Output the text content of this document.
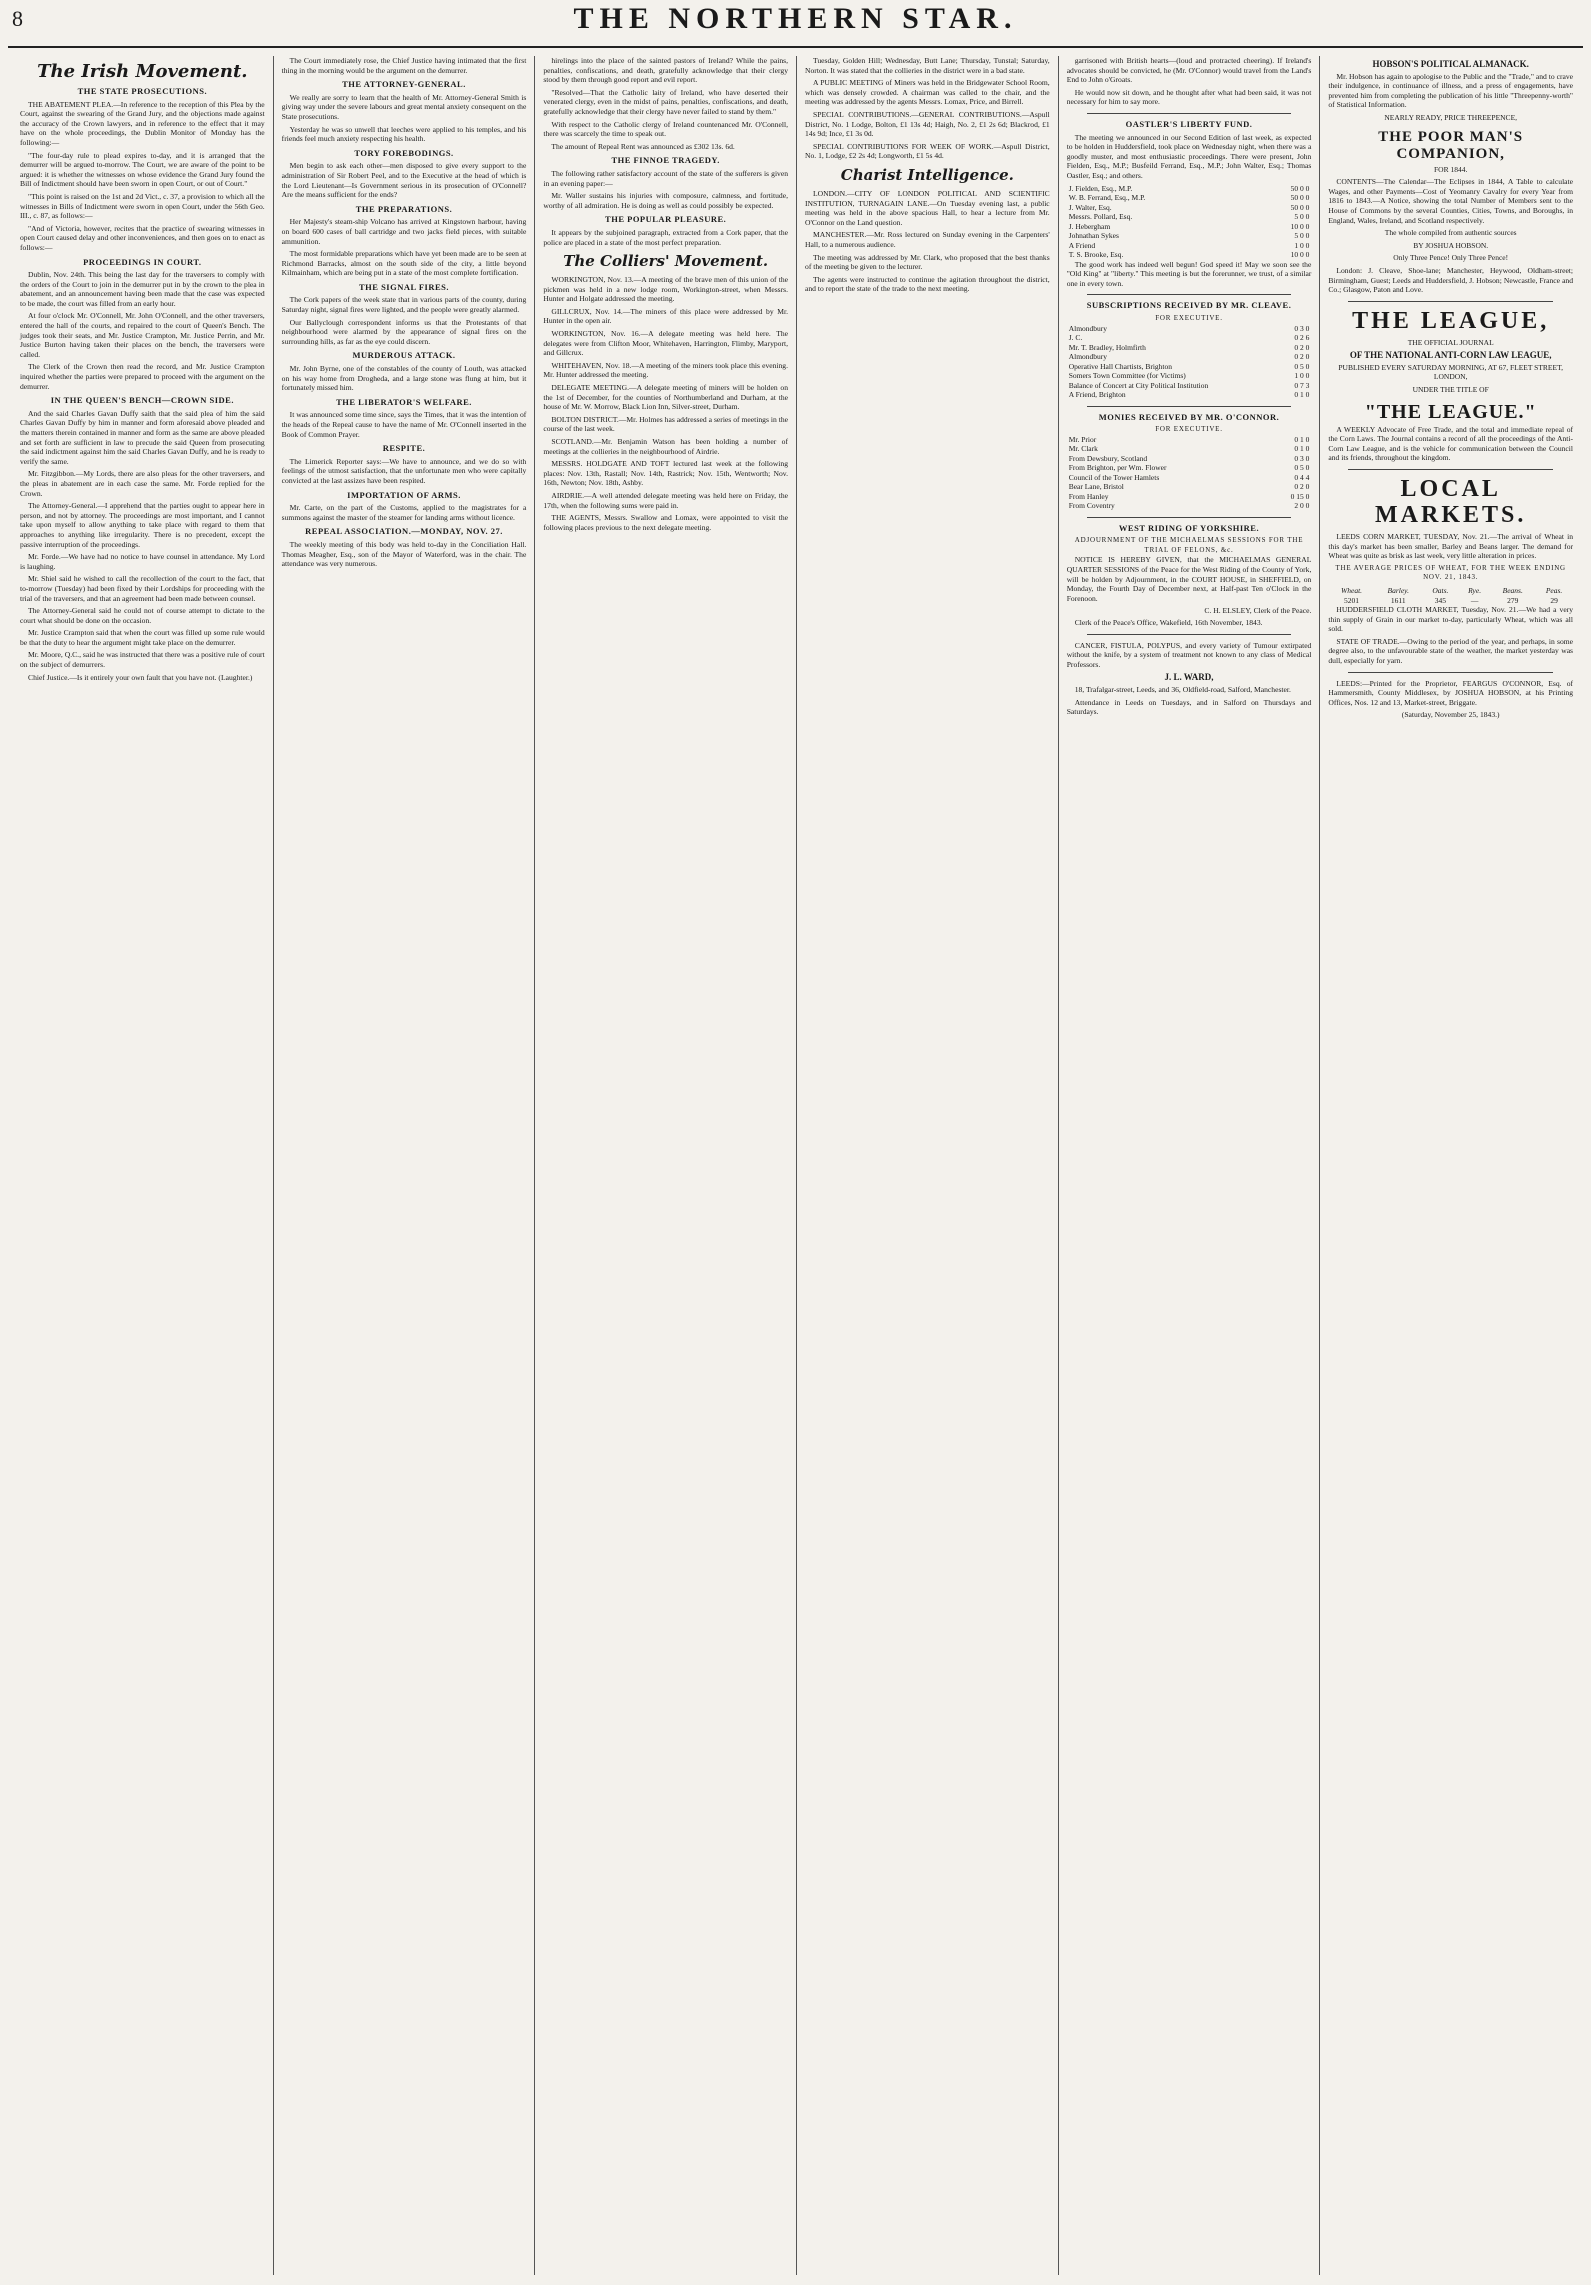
8	THE NORTHERN STAR.
The Irish Movement.
THE STATE PROSECUTIONS.

THE ABATEMENT PLEA.—In reference to the reception of this Plea by the Court, against the swearing of the Grand Jury, and the objections made against the accuracy of the Crown lawyers, and in reference to the effect that it may have on the whole proceedings, the Dublin Monitor of Monday has the following:—

"The four-day rule to plead expires to-day, and it is arranged that the demurrer will be argued to-morrow. The Court, we are aware of the point to be argued: it is whether the witnesses on whose evidence the Grand Jury found the Bill of Indictment should have been sworn in open Court, or out of Court."

"This point is raised on the 1st and 2d Vict., c. 37, a provision to which all the witnesses in Bills of Indictment were sworn in open Court, under the 56th Geo. III., c. 87, as follows:—

"And of Victoria, however, recites that the practice of swearing witnesses in open Court caused delay and other inconveniences, and then goes on to enact as follows:—

PROCEEDINGS IN COURT.

Dublin, Nov. 24th. This being the last day for the traversers to comply with the orders of the Court to join in the demurrer put in by the crown to the plea in abatement, and an announcement having been made that the case was expected to be made, the court was filled from an early hour.

At four o'clock Mr. O'Connell, Mr. John O'Connell, and the other traversers, entered the hall of the courts, and repaired to the court of Queen's Bench. The judges took their seats, and Mr. Justice Crampton, Mr. Justice Perrin, and Mr. Justice Burton having taken their places on the bench, the traversers were called.

The Clerk of the Crown then read the record, and Mr. Justice Crampton inquired whether the parties were prepared to proceed with the argument on the demurrer.

IN THE QUEEN'S BENCH—CROWN SIDE.

And the said Charles Gavan Duffy saith that the said plea of him the said Charles Gavan Duffy by him in manner and form aforesaid above pleaded and the matters therein contained in manner and form as the same are above pleaded and set forth are sufficient in law to precude the said Queen from prosecuting the said indictment against him the said Charles Gavan Duffy, and he is ready to verify the same.

Mr. Fitzgibbon.—My Lords, there are also pleas for the other traversers, and the pleas in abatement are in each case the same. Mr. Forde replied for the Crown.

The Attorney-General.—I apprehend that the parties ought to appear here in person, and not by attorney. The proceedings are most important, and I cannot take upon myself to allow anything to take place with regard to them that approaches to anything like irregularity. There is no precedent, except the passive interruption of the proceedings.

Mr. Forde.—We have had no notice to have counsel in attendance. My Lord is laughing.

Mr. Shiel said he wished to call the recollection of the court to the fact, that to-morrow (Tuesday) had been fixed by their Lordships for proceeding with the trial of the traversers, and that an agreement had been made between counsel.

The Attorney-General said he could not of course attempt to dictate to the court what should be done on the occasion.

Mr. Justice Crampton said that when the court was filled up some rule would be that the duty to hear the argument might take place on the demurrer.

Mr. Moore, Q.C., said he was instructed that there was a positive rule of court on the subject of demurrers.

Chief Justice.—Is it entirely your own fault that you have not. (Laughter.)

The Court immediately rose, the Chief Justice having intimated that the first thing in the morning would be the argument on the demurrer.

THE ATTORNEY-GENERAL.

We really are sorry to learn that the health of Mr. Attorney-General Smith is giving way under the severe labours and great mental anxiety consequent on the State prosecutions.

Yesterday he was so unwell that leeches were applied to his temples, and his friends feel much anxiety respecting his health.

TORY FOREBODINGS.

Men begin to ask each other—men disposed to give every support to the administration of Sir Robert Peel, and to the Executive at the head of which is the Lord Lieutenant—Is Government serious in its prosecution of O'Connell? Are the means sufficient for the ends?

THE PREPARATIONS.

Her Majesty's steam-ship Volcano has arrived at Kingstown harbour, having on board 600 cases of ball cartridge and two jacks field pieces, with suitable ammunition.

The most formidable preparations which have yet been made are to be seen at Richmond Barracks, almost on the south side of the city, a little beyond Kilmainham, which are being put in a state of the most complete fortification.

THE SIGNAL FIRES.

The Cork papers of the week state that in various parts of the county, during Saturday night, signal fires were lighted, and the people were greatly alarmed.

Our Ballyclough correspondent informs us that the Protestants of that neighbourhood were alarmed by the appearance of signal fires on the surrounding hills, as far as the eye could discern.

MURDEROUS ATTACK.

Mr. John Byrne, one of the constables of the county of Louth, was attacked on his way home from Drogheda, and a large stone was flung at him, but it fortunately missed him.

THE LIBERATOR'S WELFARE.

It was announced some time since, says the Times, that it was the intention of the heads of the Repeal cause to have the name of Mr. O'Connell inserted in the Book of Common Prayer.

RESPITE.

The Limerick Reporter says:—We have to announce, and we do so with feelings of the utmost satisfaction, that the unfortunate men who were capitally convicted at the last assizes have been respited.

IMPORTATION OF ARMS.

Mr. Carte, on the part of the Customs, applied to the magistrates for a summons against the master of the steamer for landing arms without licence.

REPEAL ASSOCIATION.—MONDAY, NOV. 27.

The weekly meeting of this body was held to-day in the Conciliation Hall. Thomas Meagher, Esq., son of the Mayor of Waterford, was in the chair. The attendance was very numerous.

hirelings into the place of the sainted pastors of Ireland? While the pains, penalties, confiscations, and death, gratefully acknowledge that their clergy stood by them through good report and evil report.

"Resolved—That the Catholic laity of Ireland, who have deserted their venerated clergy, even in the midst of pains, penalties, confiscations, and death, gratefully acknowledge that their clergy have never failed to stand by them."

With respect to the Catholic clergy of Ireland countenanced Mr. O'Connell, there was scarcely the time to speak out.

The amount of Repeal Rent was announced as £302 13s. 6d.

THE FINNOE TRAGEDY.

The following rather satisfactory account of the state of the sufferers is given in an evening paper:—

Mr. Waller sustains his injuries with composure, calmness, and fortitude, worthy of all admiration. He is doing as well as could possibly be expected.

THE POPULAR PLEASURE.

It appears by the subjoined paragraph, extracted from a Cork paper, that the police are placed in a state of the most perfect preparation.

The Colliers' Movement.

WORKINGTON, Nov. 13.—A meeting of the brave men of this union of the pickmen was held in a new lodge room, Workington-street, when Messrs. Hunter and Holgate addressed the meeting.

GILLCRUX, Nov. 14.—The miners of this place were addressed by Mr. Hunter in the open air.

WORKINGTON, Nov. 16.—A delegate meeting was held here. The delegates were from Clifton Moor, Whitehaven, Harrington, Flimby, Maryport, and Gillcrux.

WHITEHAVEN, Nov. 18.—A meeting of the miners took place this evening. Mr. Hunter addressed the meeting.

DELEGATE MEETING.—A delegate meeting of miners will be holden on the 1st of December, for the counties of Northumberland and Durham, at the house of Mr. W. Morrow, Black Lion Inn, Silver-street, Durham.

BOLTON DISTRICT.—Mr. Holmes has addressed a series of meetings in the course of the last week.

SCOTLAND.—Mr. Benjamin Watson has been holding a number of meetings at the collieries in the neighbourhood of Airdrie.

MESSRS. HOLDGATE AND TOFT lectured last week at the following places: Nov. 13th, Rastall; Nov. 14th, Rastrick; Nov. 15th, Wentworth; Nov. 16th, Newton; Nov. 18th, Ashby.

AIRDRIE.—A well attended delegate meeting was held here on Friday, the 17th, when the following sums were paid in.

THE AGENTS, Messrs. Swallow and Lomax, were appointed to visit the following places previous to the next delegate meeting.

Tuesday, Golden Hill; Wednesday, Butt Lane; Thursday, Tunstal; Saturday, Norton. It was stated that the collieries in the district were in a bad state.

A PUBLIC MEETING of Miners was held in the Bridgewater School Room, which was densely crowded. A chairman was called to the chair, and the meeting was addressed by the agents Messrs. Lomax, Price, and Birrell.

SPECIAL CONTRIBUTIONS.—GENERAL CONTRIBUTIONS.—Aspull District, No. 1 Lodge, Bolton, £1 13s 4d; Haigh, No. 2, £1 2s 6d; Blackrod, £1 14s 9d; Ince, £1 3s 0d.

SPECIAL CONTRIBUTIONS FOR WEEK OF WORK.—Aspull District, No. 1, Lodge, £2 2s 4d; Longworth, £1 5s 4d.

Charist Intelligence.

LONDON.—CITY OF LONDON POLITICAL AND SCIENTIFIC INSTITUTION, TURNAGAIN LANE.—On Tuesday evening last, a public meeting was held in the above spacious Hall, to hear a lecture from Mr. O'Connor on the Land question.

MANCHESTER.—Mr. Ross lectured on Sunday evening in the Carpenters' Hall, to a numerous audience.

The meeting was addressed by Mr. Clark, who proposed that the best thanks of the meeting be given to the lecturer.

The agents were instructed to continue the agitation throughout the district, and to report the state of the trade to the next meeting.

garrisoned with British hearts—(loud and protracted cheering). If Ireland's advocates should be convicted, he (Mr. O'Connor) would travel from the Land's End to John o'Groats.

He would now sit down, and he thought after what had been said, it was not necessary for him to say more.

OASTLER'S LIBERTY FUND.

The meeting we announced in our Second Edition of last week, as expected to be holden in Huddersfield, took place on Wednesday night, when there was a goodly muster, and most enthusiastic proceedings. There were present, John Fielden, Esq., M.P.; Busfeild Ferrand, Esq., M.P.; John Walter, Esq.; Thomas Oastler, Esq.; and others.

J. Fielden, Esq., M.P.	50 0 0
W. B. Ferrand, Esq., M.P.	50 0 0
J. Walter, Esq.	50 0 0
Messrs. Pollard, Esq.	5 0 0
J. Hebergham	10 0 0
Johnathan Sykes	5 0 0
A Friend	1 0 0
T. S. Brooke, Esq.	10 0 0

The good work has indeed well begun! God speed it! May we soon see the "Old King" at "liberty." This meeting is but the forerunner, we trust, of a similar one in every town.

SUBSCRIPTIONS RECEIVED BY MR. CLEAVE.
FOR EXECUTIVE.
Almondbury	0 3 0
J. C.	0 2 6
Mr. T. Bradley, Holmfirth	0 2 0
Almondbury	0 2 0
Operative Hall Chartists, Brighton	0 5 0
Somers Town Committee (for Victims)	1 0 0
Balance of Concert at City Political Institution	0 7 3
A Friend, Brighton	0 1 0
MONIES RECEIVED BY MR. O'CONNOR.
FOR EXECUTIVE.
Mr. Prior	0 1 0
Mr. Clark	0 1 0
From Dewsbury, Scotland	0 3 0
From Brighton, per Wm. Flower	0 5 0
Council of the Tower Hamlets	0 4 4
Bear Lane, Bristol	0 2 0
From Hanley	0 15 0
From Coventry	2 0 0
WEST RIDING OF YORKSHIRE.
ADJOURNMENT OF THE MICHAELMAS SESSIONS FOR THE TRIAL OF FELONS, &c.

NOTICE IS HEREBY GIVEN, that the MICHAELMAS GENERAL QUARTER SESSIONS of the Peace for the West Riding of the County of York, will be holden by Adjournment, in the COURT HOUSE, in SHEFFIELD, on Monday, the Fourth Day of December next, at Half-past Ten o'Clock in the Forenoon.

C. H. ELSLEY, Clerk of the Peace.

Clerk of the Peace's Office, Wakefield, 16th November, 1843.

CANCER, FISTULA, POLYPUS, and every variety of Tumour extirpated without the knife, by a system of treatment not known to any class of Medical Professors.

J. L. WARD,

18, Trafalgar-street, Leeds, and 36, Oldfield-road, Salford, Manchester.

Attendance in Leeds on Tuesdays, and in Salford on Thursdays and Saturdays.

HOBSON'S POLITICAL ALMANACK.

Mr. Hobson has again to apologise to the Public and the "Trade," and to crave their indulgence, in continuance of illness, and a press of engagements, have prevented him from completing the publication of his little "Threepenny-worth" of Statistical Information.

NEARLY READY, PRICE THREEPENCE,
THE POOR MAN'S COMPANION,
FOR 1844.

CONTENTS—The Calendar—The Eclipses in 1844, A Table to calculate Wages, and other Payments—Cost of Yeomanry Cavalry for every Year from 1816 to 1843.—A Notice, showing the total Number of Members sent to the House of Commons by the several Counties, Cities, Towns, and Boroughs, in England, Wales, Ireland, and Scotland respectively.

The whole compiled from authentic sources
BY JOSHUA HOBSON.
Only Three Pence! Only Three Pence!

London: J. Cleave, Shoe-lane; Manchester, Heywood, Oldham-street; Birmingham, Guest; Leeds and Huddersfield, J. Hobson; Newcastle, France and Co.; Glasgow, Paton and Love.

THE LEAGUE,
THE OFFICIAL JOURNAL
OF THE NATIONAL ANTI-CORN LAW LEAGUE,
PUBLISHED EVERY SATURDAY MORNING, AT 67, FLEET STREET, LONDON,
UNDER THE TITLE OF
"THE LEAGUE."

A WEEKLY Advocate of Free Trade, and the total and immediate repeal of the Corn Laws. The Journal contains a record of all the proceedings of the Anti-Corn Law League, and is the vehicle for communication between the Council and its friends, throughout the kingdom.

LOCAL MARKETS.

LEEDS CORN MARKET, TUESDAY, Nov. 21.—The arrival of Wheat in this day's market has been smaller, Barley and Beans larger. The demand for Wheat was quite as brisk as last week, very little alteration in prices.

THE AVERAGE PRICES OF WHEAT, FOR THE WEEK ENDING NOV. 21, 1843.
Wheat.	Barley.	Oats.	Rye.	Beans.	Peas.
5201	1611	345	—	279	29

HUDDERSFIELD CLOTH MARKET, Tuesday, Nov. 21.—We had a very thin supply of Grain in our market to-day, particularly Wheat, which was all sold.

STATE OF TRADE.—Owing to the period of the year, and perhaps, in some degree also, to the unfavourable state of the weather, the market yesterday was dull, especially for yarn.

LEEDS:—Printed for the Proprietor, FEARGUS O'CONNOR, Esq. of Hammersmith, County Middlesex, by JOSHUA HOBSON, at his Printing Offices, Nos. 12 and 13, Market-street, Briggate.

(Saturday, November 25, 1843.)
